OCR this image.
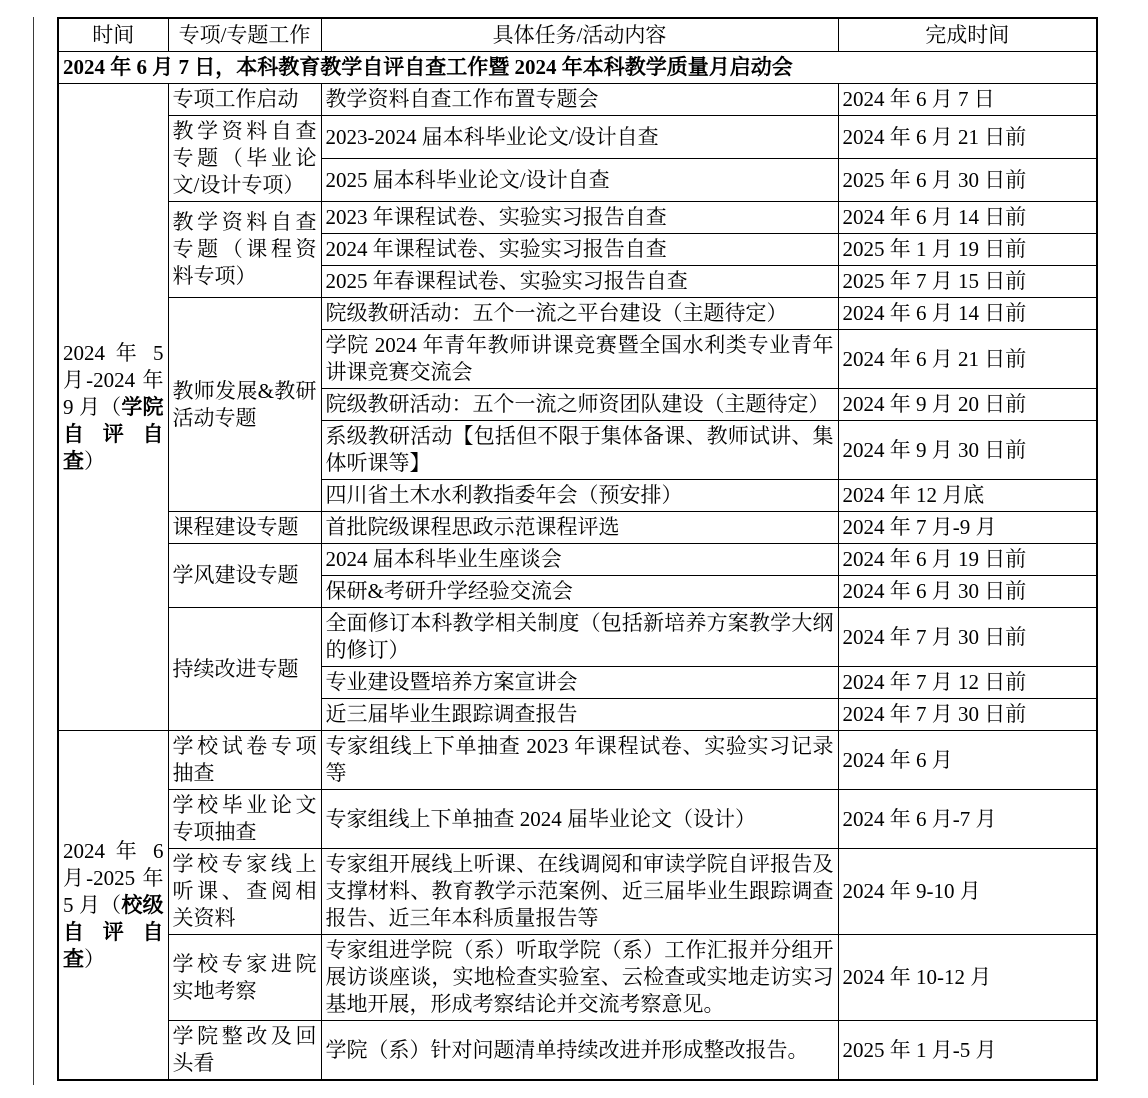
时间	专项/专题工作	具体任务/活动内容	完成时间
2024 年 6 月 7 日，本科教育教学自评自查工作暨 2024 年本科教学质量月启动会			
2024 年 5 月-2024 年 9 月（学院自评自查）	专项工作启动	教学资料自查工作布置专题会	2024 年 6 月 7 日
	教学资料自查专题（毕业论文/设计专项）	2023-2024 届本科毕业论文/设计自查	2024 年 6 月 21 日前
		2025 届本科毕业论文/设计自查	2025 年 6 月 30 日前
	教学资料自查专题（课程资料专项）	2023 年课程试卷、实验实习报告自查	2024 年 6 月 14 日前
		2024 年课程试卷、实验实习报告自查	2025 年 1 月 19 日前
		2025 年春课程试卷、实验实习报告自查	2025 年 7 月 15 日前
	教师发展&教研活动专题	院级教研活动：五个一流之平台建设（主题待定）	2024 年 6 月 14 日前
		学院 2024 年青年教师讲课竞赛暨全国水利类专业青年讲课竞赛交流会	2024 年 6 月 21 日前
		院级教研活动：五个一流之师资团队建设（主题待定）	2024 年 9 月 20 日前
		系级教研活动【包括但不限于集体备课、教师试讲、集体听课等】	2024 年 9 月 30 日前
		四川省土木水利教指委年会（预安排）	2024 年 12 月底
	课程建设专题	首批院级课程思政示范课程评选	2024 年 7 月-9 月
	学风建设专题	2024 届本科毕业生座谈会	2024 年 6 月 19 日前
		保研&考研升学经验交流会	2024 年 6 月 30 日前
	持续改进专题	全面修订本科教学相关制度（包括新培养方案教学大纲的修订）	2024 年 7 月 30 日前
		专业建设暨培养方案宣讲会	2024 年 7 月 12 日前
		近三届毕业生跟踪调查报告	2024 年 7 月 30 日前
2024 年 6 月-2025 年 5 月（校级自评自查）	学校试卷专项抽查	专家组线上下单抽查 2023 年课程试卷、实验实习记录等	2024 年 6 月
	学校毕业论文专项抽查	专家组线上下单抽查 2024 届毕业论文（设计）	2024 年 6 月-7 月
	学校专家线上听课、查阅相关资料	专家组开展线上听课、在线调阅和审读学院自评报告及支撑材料、教育教学示范案例、近三届毕业生跟踪调查报告、近三年本科质量报告等	2024 年 9-10 月
	学校专家进院实地考察	专家组进学院（系）听取学院（系）工作汇报并分组开展访谈座谈，实地检查实验室、云检查或实地走访实习基地开展，形成考察结论并交流考察意见。	2024 年 10-12 月
	学院整改及回头看	学院（系）针对问题清单持续改进并形成整改报告。	2025 年 1 月-5 月
